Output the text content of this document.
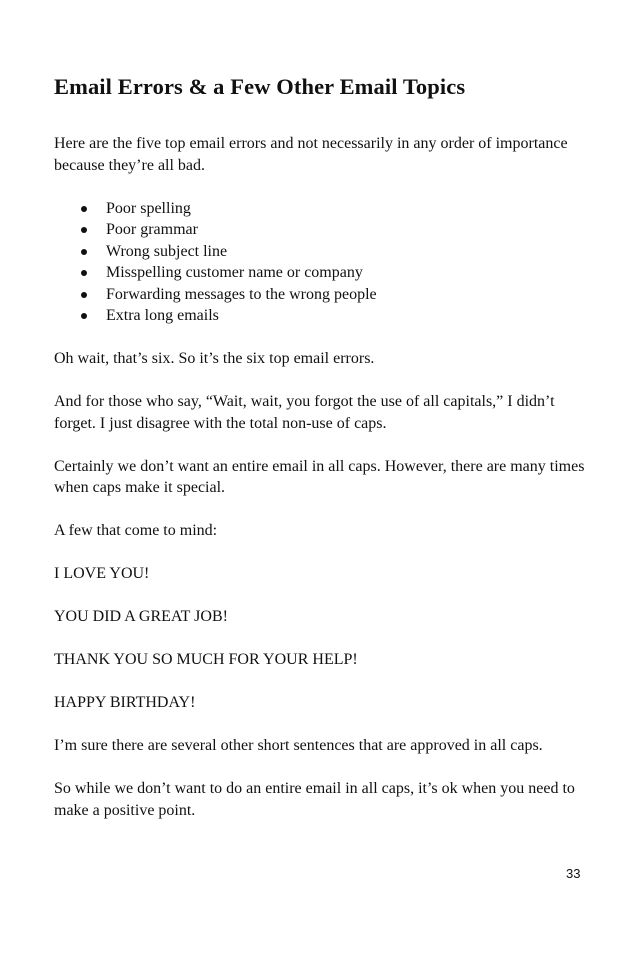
Email Errors & a Few Other Email Topics

Here are the five top email errors and not necessarily in any order of importance because they’re all bad.

Poor spelling
Poor grammar
Wrong subject line
Misspelling customer name or company
Forwarding messages to the wrong people
Extra long emails

Oh wait, that’s six. So it’s the six top email errors.

And for those who say, “Wait, wait, you forgot the use of all capitals,” I didn’t forget. I just disagree with the total non-use of caps.

Certainly we don’t want an entire email in all caps. However, there are many times when caps make it special.

A few that come to mind:

I LOVE YOU!

YOU DID A GREAT JOB!

THANK YOU SO MUCH FOR YOUR HELP!

HAPPY BIRTHDAY!

I’m sure there are several other short sentences that are approved in all caps.

So while we don’t want to do an entire email in all caps, it’s ok when you need to make a positive point.

33
